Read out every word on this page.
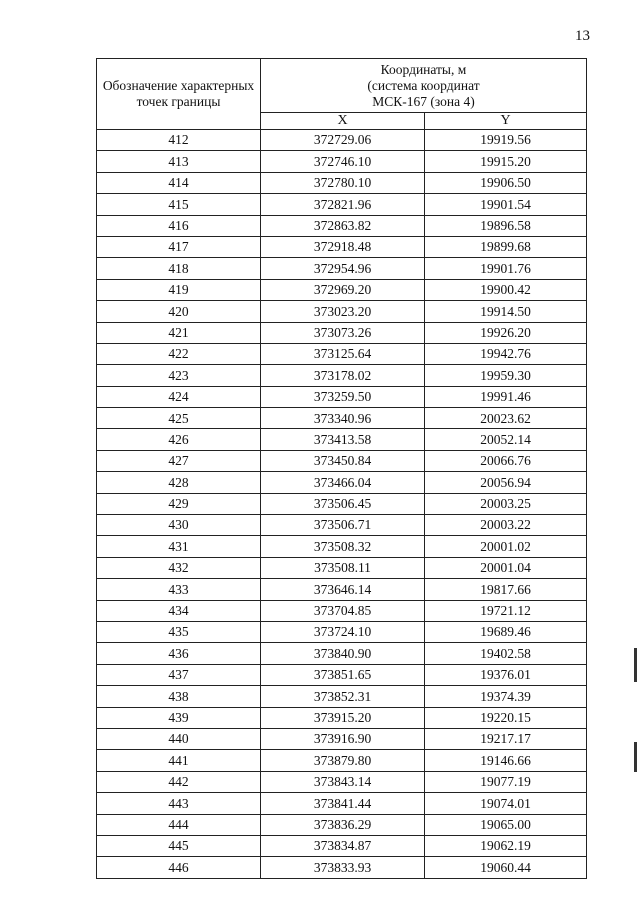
13
Обозначение характерных точек границы	Координаты, м
(система координат
МСК-167 (зона 4)	

	X	Y
412	372729.06	19919.56
413	372746.10	19915.20
414	372780.10	19906.50
415	372821.96	19901.54
416	372863.82	19896.58
417	372918.48	19899.68
418	372954.96	19901.76
419	372969.20	19900.42
420	373023.20	19914.50
421	373073.26	19926.20
422	373125.64	19942.76
423	373178.02	19959.30
424	373259.50	19991.46
425	373340.96	20023.62
426	373413.58	20052.14
427	373450.84	20066.76
428	373466.04	20056.94
429	373506.45	20003.25
430	373506.71	20003.22
431	373508.32	20001.02
432	373508.11	20001.04
433	373646.14	19817.66
434	373704.85	19721.12
435	373724.10	19689.46
436	373840.90	19402.58
437	373851.65	19376.01
438	373852.31	19374.39
439	373915.20	19220.15
440	373916.90	19217.17
441	373879.80	19146.66
442	373843.14	19077.19
443	373841.44	19074.01
444	373836.29	19065.00
445	373834.87	19062.19
446	373833.93	19060.44
